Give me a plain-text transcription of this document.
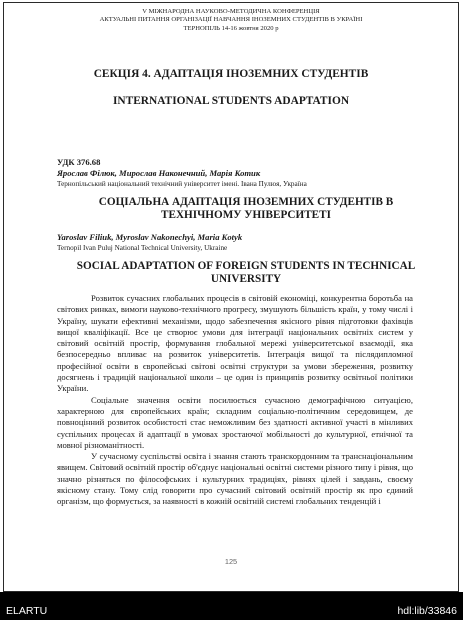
V МІЖНАРОДНА НАУКОВО-МЕТОДИЧНА КОНФЕРЕНЦІЯ
АКТУАЛЬНІ ПИТАННЯ ОРГАНІЗАЦІЇ НАВЧАННЯ ІНОЗЕМНИХ СТУДЕНТІВ В УКРАЇНІ
ТЕРНОПІЛЬ 14-16 жовтня 2020 р
СЕКЦІЯ 4. АДАПТАЦІЯ ІНОЗЕМНИХ СТУДЕНТІВ
INTERNATIONAL STUDENTS ADAPTATION
УДК 376.68
Ярослав Філюк, Мирослав Наконечний, Марія Котик
Тернопільський національний технічний університет імені. Івана Пулюя, Україна
СОЦІАЛЬНА АДАПТАЦІЯ ІНОЗЕМНИХ СТУДЕНТІВ В ТЕХНІЧНОМУ УНІВЕРСИТЕТІ
Yaroslav Filiuk, Myroslav Nakonechyi, Maria Kotyk
Ternopil Ivan Puluj National Technical University, Ukraine
SOCIAL ADAPTATION OF FOREIGN STUDENTS IN TECHNICAL UNIVERSITY

Розвиток сучасних глобальних процесів в світовій економіці, конкурентна боротьба на світових ринках, вимоги науково-технічного прогресу, змушують більшість країн, у тому числі і Україну, шукати ефективні механізми, щодо забезпечення якісного рівня підготовки фахівців вищої кваліфікації. Все це створює умови для інтеграції національних освітніх систем у світовий освітній простір, формування глобальної мережі університетської взаємодії, яка безпосередньо впливає на розвиток університетів. Інтеграція вищої та післядипломної професійної освіти в європейські світові освітні структури за умови збереження, розвитку досягнень і традицій національної школи – це один із принципів розвитку освітньої політики України.

Соціальне значення освіти посилюється сучасною демографічною ситуацією, характерною для європейських країн; складним соціально-політичним середовищем, де повноцінний розвиток особистості стає неможливим без здатності активної участі в мінливих суспільних процесах й адаптації в умовах зростаючої мобільності до культурної, етнічної та мовної різноманітності.

У сучасному суспільстві освіта і знання стають транскордонним та транснаціональним явищем. Світовий освітній простір об'єднує національні освітні системи різного типу і рівня, що значно різняться по філософських і культурних традиціях, рівнях цілей і завдань, своєму якісному стану. Тому слід говорити про сучасний світовий освітній простір як про єдиний організм, що формується, за наявності в кожній освітній системі глобальних тенденцій і

125
ELARTU	hdl:lib/33846
